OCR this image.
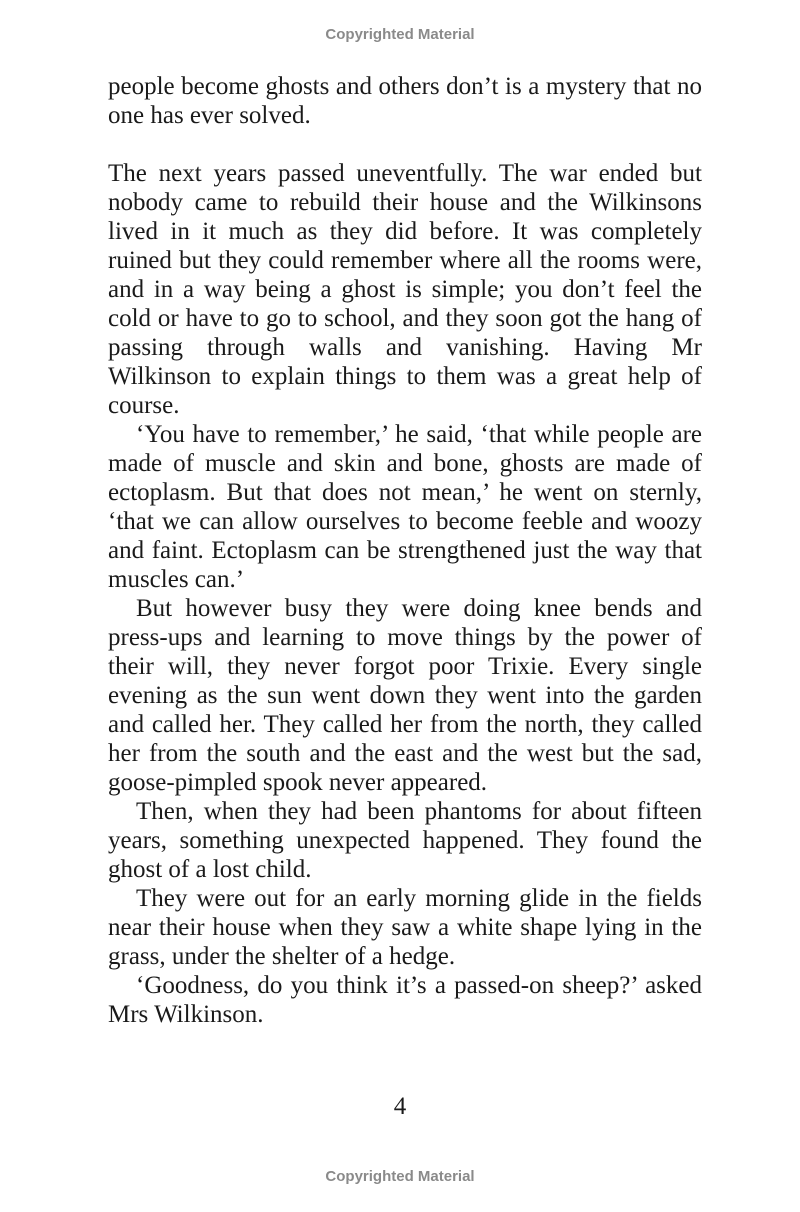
Copyrighted Material

people become ghosts and others don’t is a mystery that no one has ever solved.

The next years passed uneventfully. The war ended but nobody came to rebuild their house and the Wilkinsons lived in it much as they did before. It was completely ruined but they could remember where all the rooms were, and in a way being a ghost is simple; you don’t feel the cold or have to go to school, and they soon got the hang of passing through walls and vanishing. Having Mr Wilkinson to explain things to them was a great help of course.

‘You have to remember,’ he said, ‘that while people are made of muscle and skin and bone, ghosts are made of ectoplasm. But that does not mean,’ he went on sternly, ‘that we can allow ourselves to become feeble and woozy and faint. Ectoplasm can be strengthened just the way that muscles can.’

But however busy they were doing knee bends and press-ups and learning to move things by the power of their will, they never forgot poor Trixie. Every single evening as the sun went down they went into the garden and called her. They called her from the north, they called her from the south and the east and the west but the sad, goose-pimpled spook never appeared.

Then, when they had been phantoms for about fifteen years, something unexpected happened. They found the ghost of a lost child.

They were out for an early morning glide in the fields near their house when they saw a white shape lying in the grass, under the shelter of a hedge.

‘Goodness, do you think it’s a passed-on sheep?’ asked Mrs Wilkinson.

4
Copyrighted Material
